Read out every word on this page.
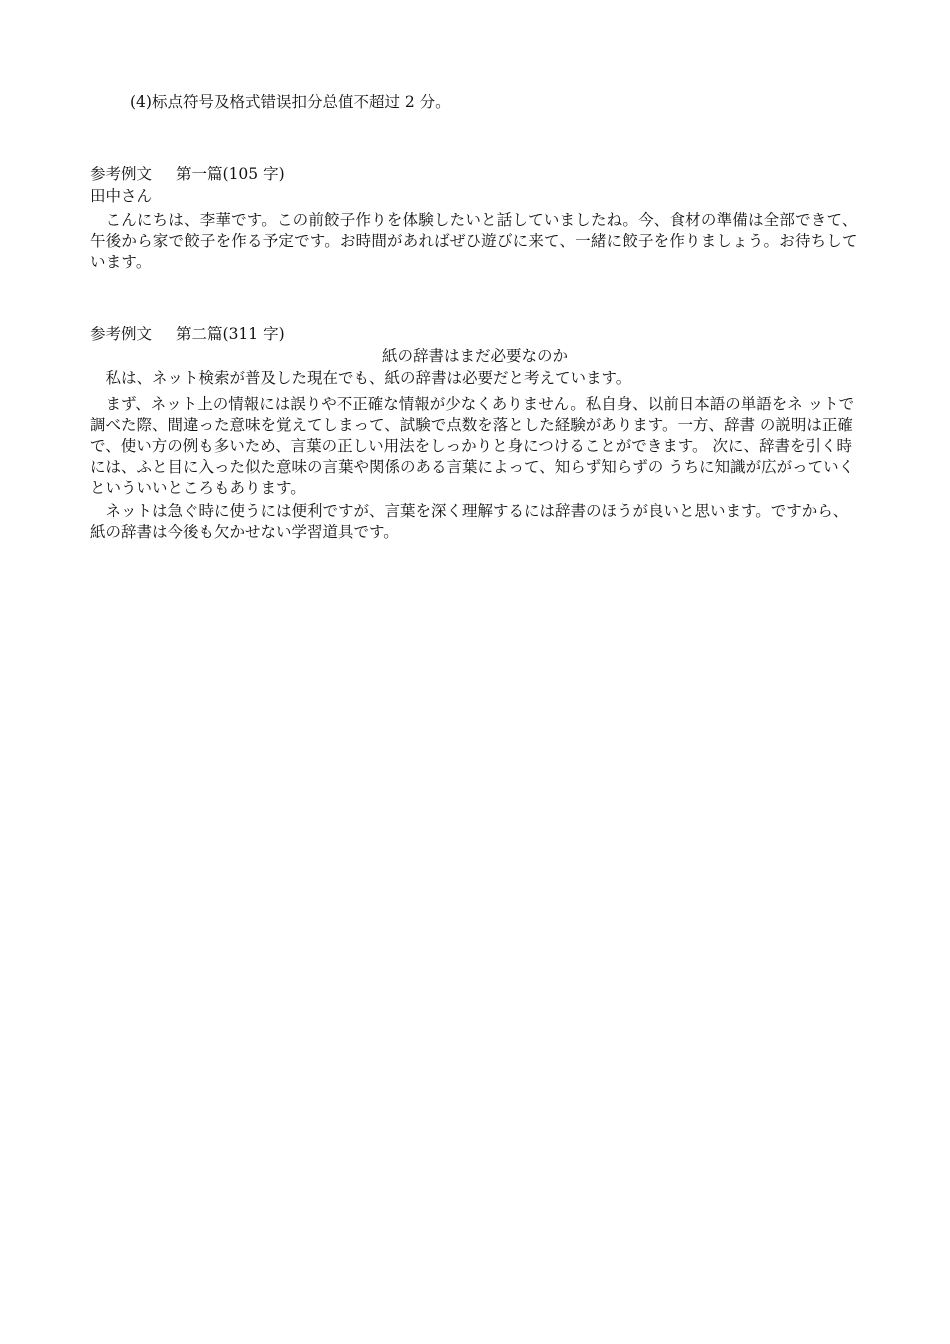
(4)标点符号及格式错误扣分总值不超过 2 分。
参考例文 第一篇(105 字)
田中さん
こんにちは、李華です。この前餃子作りを体験したいと話していましたね。今、食材の準備は全部できて、午後から家で餃子を作る予定です。お時間があればぜひ遊びに来て、一緒に餃子を作りましょう。お待ちしています。
参考例文 第二篇(311 字)
紙の辞書はまだ必要なのか
私は、ネット検索が普及した現在でも、紙の辞書は必要だと考えています。
まず、ネット上の情報には誤りや不正確な情報が少なくありません。私自身、以前日本語の単語をネ ットで調べた際、間違った意味を覚えてしまって、試験で点数を落とした経験があります。一方、辞書 の説明は正確で、使い方の例も多いため、言葉の正しい用法をしっかりと身につけることができます。 次に、辞書を引く時には、ふと目に入った似た意味の言葉や関係のある言葉によって、知らず知らずの うちに知識が広がっていくといういいところもあります。
ネットは急ぐ時に使うには便利ですが、言葉を深く理解するには辞書のほうが良いと思います。ですから、紙の辞書は今後も欠かせない学習道具です。
